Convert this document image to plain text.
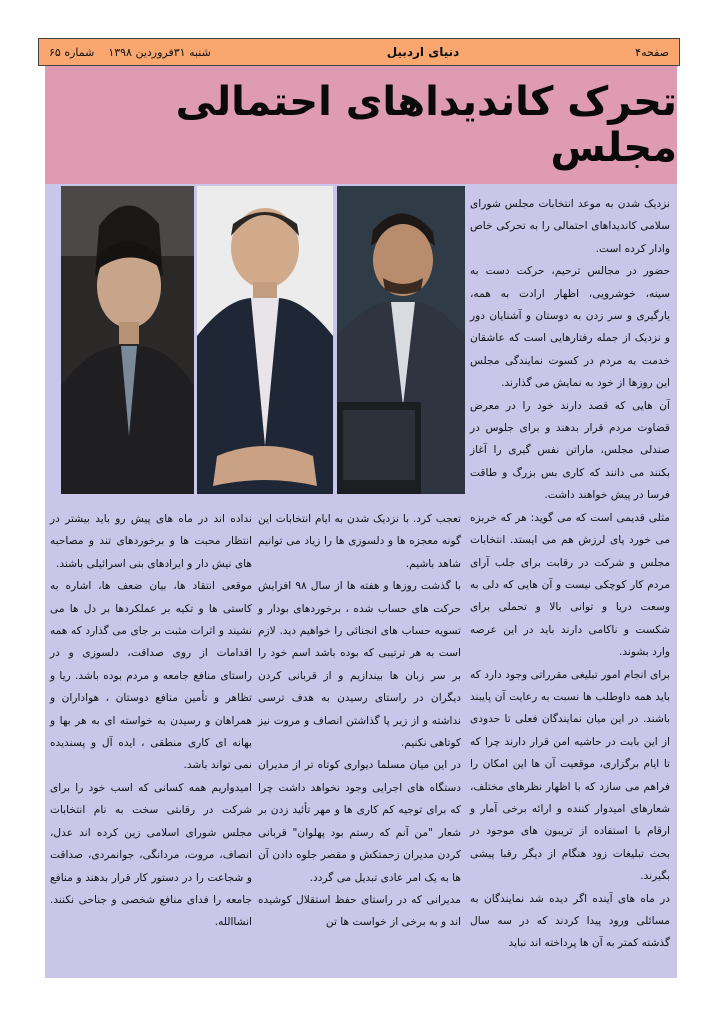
صفحه۴
دنیای اردبیل
شنبه ۳۱فروردین ۱۳۹۸
شماره ۶۵
تحرک کاندیداهای احتمالی مجلس

نزدیک شدن به موعد انتخابات مجلس شورای سلامی کاندیداهای احتمالی را به تحرکی خاص وادار کرده است.

حضور در مجالس ترحیم، حرکت دست به سینه، خوشرویی، اظهار ارادت به همه، یارگیری و سر زدن به دوستان و آشنایان دور و نزدیک از جمله رفتارهایی است که عاشقان خدمت به مردم در کسوت نمایندگی مجلس این روزها از خود به نمایش می گذارند.

آن هایی که قصد دارند خود را در معرض قضاوت مردم قرار بدهند و برای جلوس در صندلی مجلس، ماراتن نفس گیری را آغاز بکنند می دانند که کاری بس بزرگ و طاقت فرسا در پیش خواهند داشت.

مثلی قدیمی است که می گوید: هر که خربزه می خورد پای لرزش هم می ایستد. انتخابات مجلس و شرکت در رقابت برای جلب آرای مردم کار کوچکی نیست و آن هایی که دلی به وسعت دریا و توانی بالا و تحملی برای شکست و ناکامی دارند باید در این عرصه وارد بشوند.

برای انجام امور تبلیغی مقرراتی وجود دارد که باید همه داوطلب ها نسبت به رعایت آن پایبند باشند. در این میان نمایندگان فعلی تا حدودی از این بابت در حاشیه امن قرار دارند چرا که تا ایام برگزاری، موقعیت آن ها این امکان را فراهم می سازد که با اظهار نظرهای مختلف، شعارهای امیدوار کننده و ارائه برخی آمار و ارقام با استفاده از تریبون های موجود در بحث تبلیغات زود هنگام از دیگر رقبا پیشی بگیرند.

در ماه های آینده اگر دیده شد نمایندگان به مسائلی ورود پیدا کردند که در سه سال گذشته کمتر به آن ها پرداخته اند نباید

تعجب کرد. با نزدیک شدن به ایام انتخابات این گونه معجزه ها و دلسوزی ها را زیاد می توانیم شاهد باشیم.

با گذشت روزها و هفته ها از سال ۹۸ افزایش حرکت های حساب شده ، برخوردهای بودار و تسویه حساب های انجنائی را خواهیم دید. لازم است به هر ترتیبی که بوده باشد اسم خود را بر سر زبان ها بیندازیم و از قربانی کردن دیگران در راستای رسیدن به هدف ترسی نداشته و از زیر پا گذاشتن انصاف و مروت نیز کوتاهی نکنیم.

در این میان مسلما دیواری کوتاه تر از مدیران دستگاه های اجرایی وجود نخواهد داشت چرا که برای توجیه کم کاری ها و مهر تأئید زدن بر شعار "من آنم که رستم بود پهلوان" قربانی کردن مدیران زحمتکش و مقصر جلوه دادن آن ها به یک امر عادی تبدیل می گردد.

مدیرانی که در راستای حفظ استقلال کوشیده اند و به برخی از خواست ها تن

نداده اند در ماه های پیش رو باید بیشتر در انتظار محبت ها و برخوردهای تند و مصاحبه های نیش دار و ایرادهای بنی اسرائیلی باشند.

موقعی انتقاد ها، بیان ضعف ها، اشاره به کاستی ها و تکیه بر عملکردها بر دل ها می نشیند و اثرات مثبت بر جای می گذارد که همه اقدامات از روی صداقت، دلسوزی و در راستای منافع جامعه و مردم بوده باشد. ریا و تظاهر و تأمین منافع دوستان ، هواداران و همراهان و رسیدن به خواسته ای به هر بها و بهانه ای کاری منطقی ، ایده آل و پسندیده نمی تواند باشد.

امیدواریم همه کسانی که اسب خود را برای شرکت در رقابتی سخت به نام انتخابات مجلس شورای اسلامی زین کرده اند عدل، انصاف، مروت، مردانگی، جوانمردی، صداقت و شجاعت را در دستور کار قرار بدهند و منافع جامعه را فدای منافع شخصی و جناحی نکنند. انشاالله.
